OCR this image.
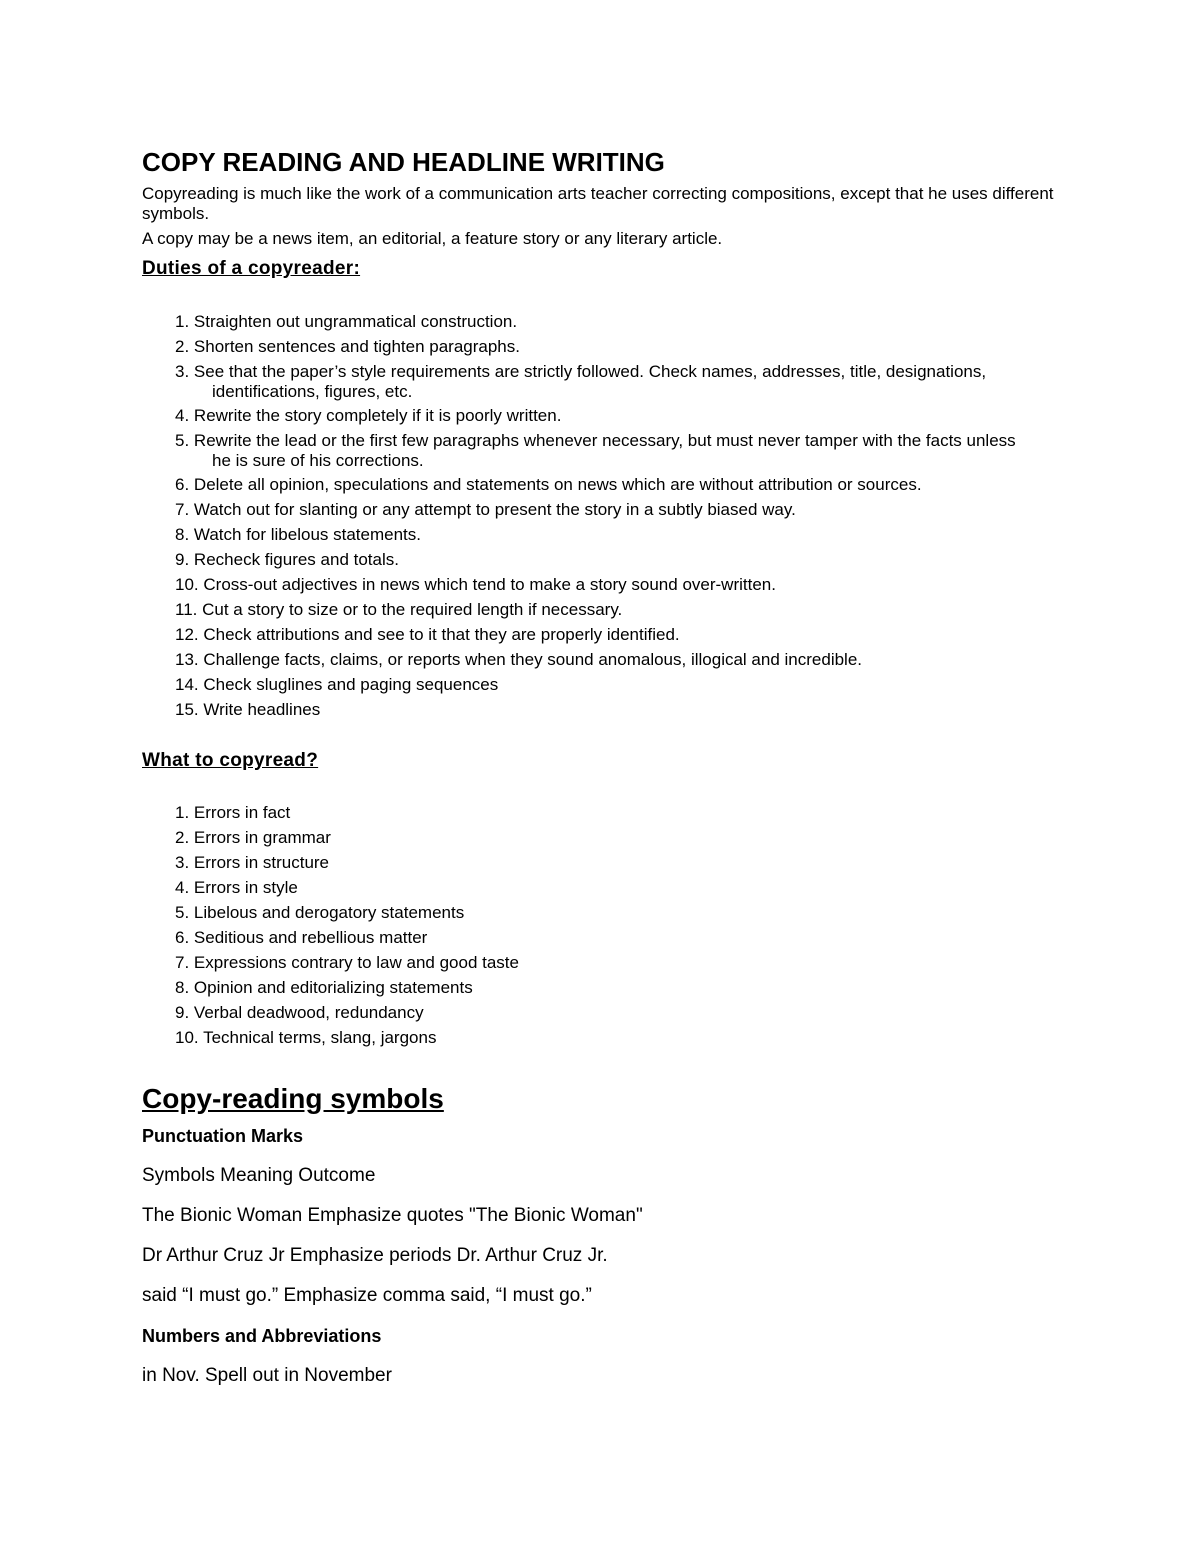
COPY READING AND HEADLINE WRITING

Copyreading is much like the work of a communication arts teacher correcting compositions, except that he uses different symbols.

A copy may be a news item, an editorial, a feature story or any literary article.

Duties of a copyreader:
1. Straighten out ungrammatical construction.
2. Shorten sentences and tighten paragraphs.
3. See that the paper’s style requirements are strictly followed. Check names, addresses, title, designations,
identifications, figures, etc.
4. Rewrite the story completely if it is poorly written.
5. Rewrite the lead or the first few paragraphs whenever necessary, but must never tamper with the facts unless
he is sure of his corrections.
6. Delete all opinion, speculations and statements on news which are without attribution or sources.
7. Watch out for slanting or any attempt to present the story in a subtly biased way.
8. Watch for libelous statements.
9. Recheck figures and totals.
10. Cross-out adjectives in news which tend to make a story sound over-written.
11. Cut a story to size or to the required length if necessary.
12. Check attributions and see to it that they are properly identified.
13. Challenge facts, claims, or reports when they sound anomalous, illogical and incredible.
14. Check sluglines and paging sequences
15. Write headlines
What to copyread?
1. Errors in fact
2. Errors in grammar
3. Errors in structure
4. Errors in style
5. Libelous and derogatory statements
6. Seditious and rebellious matter
7. Expressions contrary to law and good taste
8. Opinion and editorializing statements
9. Verbal deadwood, redundancy
10. Technical terms, slang, jargons
Copy-reading symbols
Punctuation Marks

Symbols Meaning Outcome

The Bionic Woman Emphasize quotes "The Bionic Woman"

Dr Arthur Cruz Jr Emphasize periods Dr. Arthur Cruz Jr.

said “I must go.” Emphasize comma said, “I must go.”

Numbers and Abbreviations

in Nov. Spell out in November
